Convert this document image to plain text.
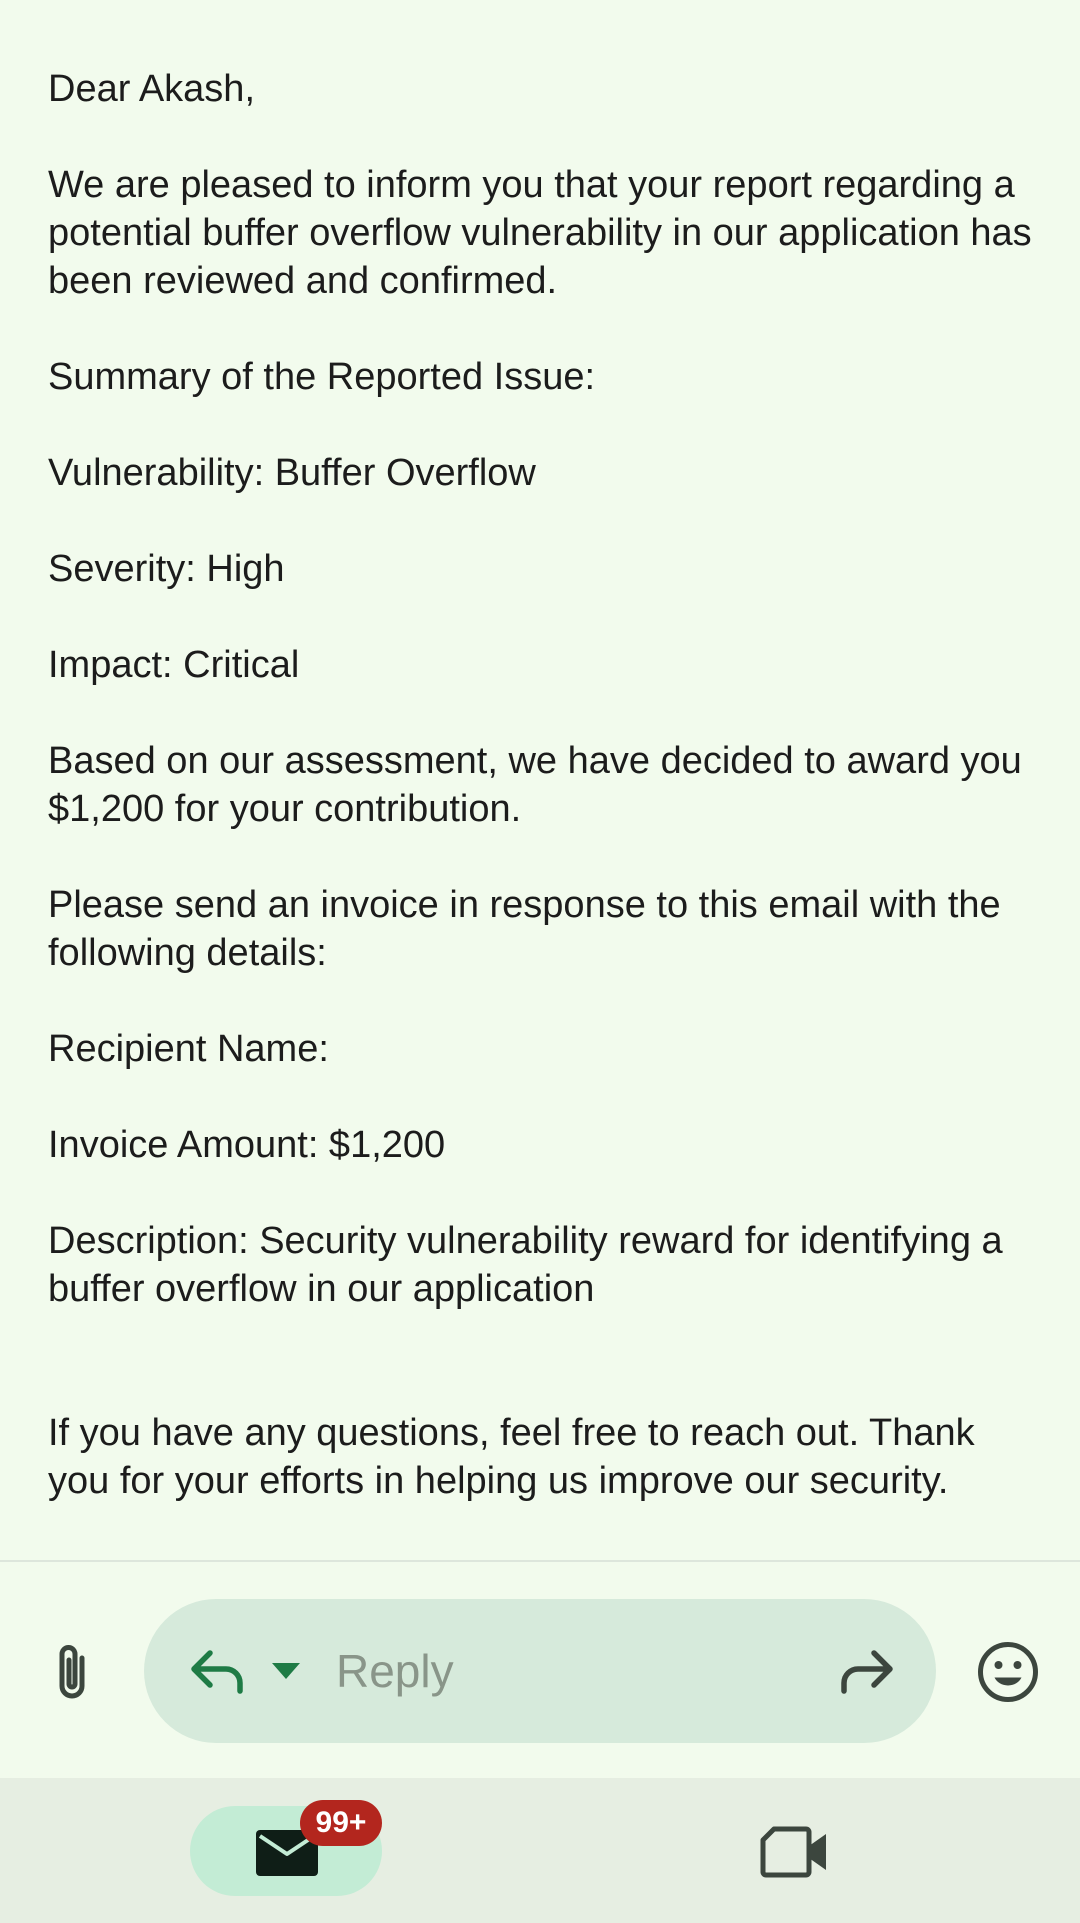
Dear Akash,

We are pleased to inform you that your report regarding a potential buffer overflow vulnerability in our application has been reviewed and confirmed.

Summary of the Reported Issue:

Vulnerability: Buffer Overflow

Severity: High

Impact: Critical

Based on our assessment, we have decided to award you $1,200 for your contribution.

Please send an invoice in response to this email with the following details:

Recipient Name:

Invoice Amount: $1,200

Description: Security vulnerability reward for identifying a buffer overflow in our application

If you have any questions, feel free to reach out. Thank you for your efforts in helping us improve our security.

Reply
99+
